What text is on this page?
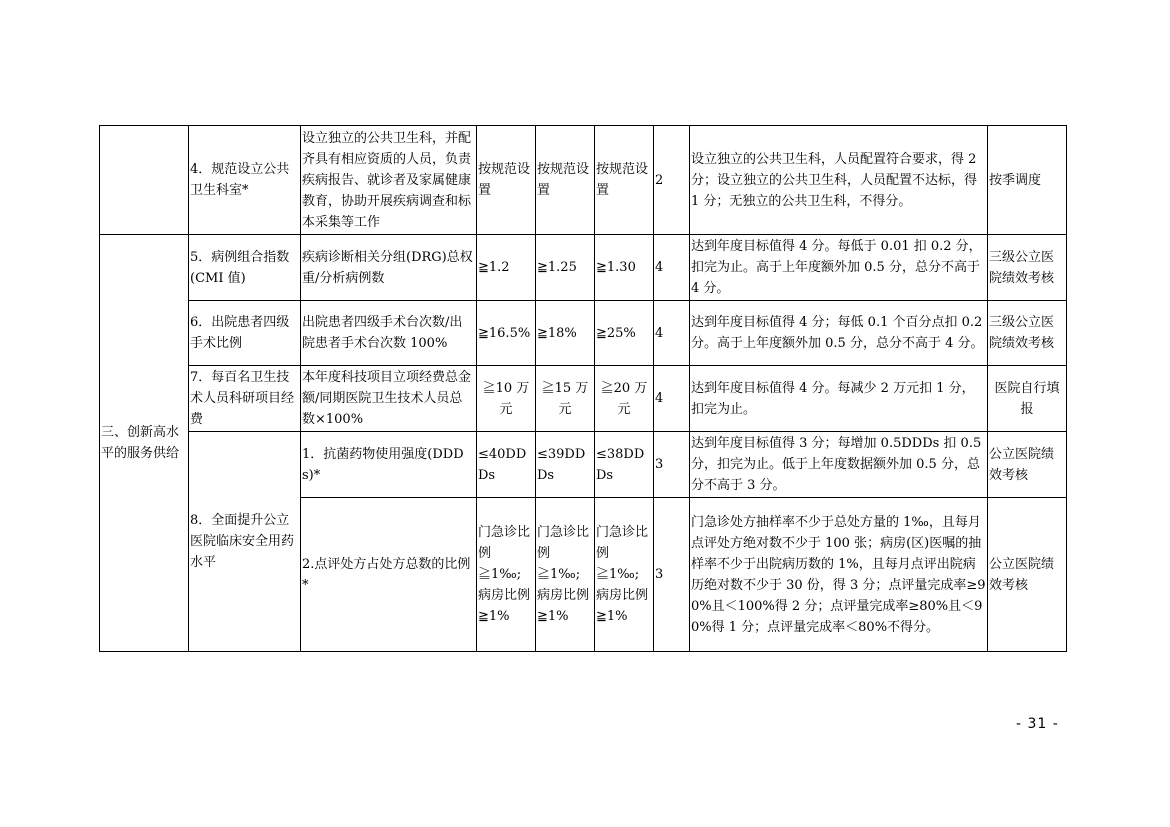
	4．规范设立公共卫生科室*	设立独立的公共卫生科，并配齐具有相应资质的人员，负责疾病报告、就诊者及家属健康教育，协助开展疾病调查和标本采集等工作	按规范设置	按规范设置	按规范设置	2	设立独立的公共卫生科，人员配置符合要求，得 2 分；设立独立的公共卫生科，人员配置不达标，得 1 分；无独立的公共卫生科，不得分。	按季调度
三、创新高水平的服务供给	5．病例组合指数(CMI 值)	疾病诊断相关分组(DRG)总权重/分析病例数	≧1.2	≧1.25	≧1.30	4	达到年度目标值得 4 分。每低于 0.01 扣 0.2 分，扣完为止。高于上年度额外加 0.5 分，总分不高于 4 分。	三级公立医院绩效考核
	6．出院患者四级手术比例	出院患者四级手术台次数/出院患者手术台次数 100%	≧16.5%	≧18%	≧25%	4	达到年度目标值得 4 分；每低 0.1 个百分点扣 0.2 分。高于上年度额外加 0.5 分，总分不高于 4 分。	三级公立医院绩效考核
	7．每百名卫生技术人员科研项目经费	本年度科技项目立项经费总金额/同期医院卫生技术人员总数×100%	≧10 万元	≧15 万元	≧20 万元	4	达到年度目标值得 4 分。每减少 2 万元扣 1 分，扣完为止。	医院自行填报
	8．全面提升公立医院临床安全用药水平	1．抗菌药物使用强度(DDDs)*	≤40DDDs	≤39DDDs	≤38DDDs	3	达到年度目标值得 3 分；每增加 0.5DDDs 扣 0.5 分，扣完为止。低于上年度数据额外加 0.5 分，总分不高于 3 分。	公立医院绩效考核
		2.点评处方占处方总数的比例*	门急诊比例
≧1‰;病房比例
≧1%	门急诊比例
≧1‰;病房比例
≧1%	门急诊比例
≧1‰;病房比例
≧1%	3	门急诊处方抽样率不少于总处方量的 1‰，且每月点评处方绝对数不少于 100 张；病房(区)医嘱的抽样率不少于出院病历数的 1%，且每月点评出院病历绝对数不少于 30 份，得 3 分；点评量完成率≥90%且＜100%得 2 分；点评量完成率≥80%且＜90%得 1 分；点评量完成率＜80%不得分。	公立医院绩效考核
- 31 -
